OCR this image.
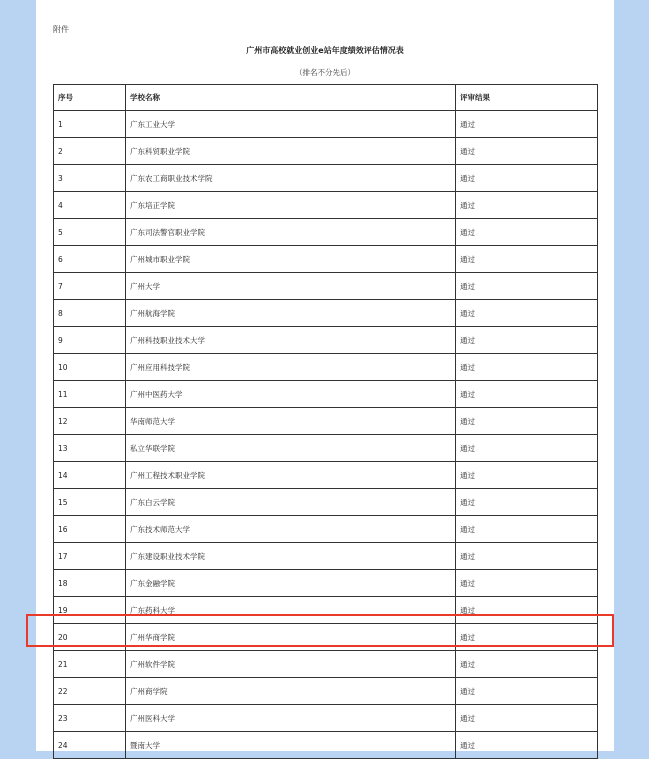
附件
广州市高校就业创业e站年度绩效评估情况表
（排名不分先后）
序号	学校名称	评审结果
1	广东工业大学	通过
2	广东科贸职业学院	通过
3	广东农工商职业技术学院	通过
4	广东培正学院	通过
5	广东司法警官职业学院	通过
6	广州城市职业学院	通过
7	广州大学	通过
8	广州航海学院	通过
9	广州科技职业技术大学	通过
10	广州应用科技学院	通过
11	广州中医药大学	通过
12	华南师范大学	通过
13	私立华联学院	通过
14	广州工程技术职业学院	通过
15	广东白云学院	通过
16	广东技术师范大学	通过
17	广东建设职业技术学院	通过
18	广东金融学院	通过
19	广东药科大学	通过
20	广州华商学院	通过
21	广州软件学院	通过
22	广州商学院	通过
23	广州医科大学	通过
24	暨南大学	通过
